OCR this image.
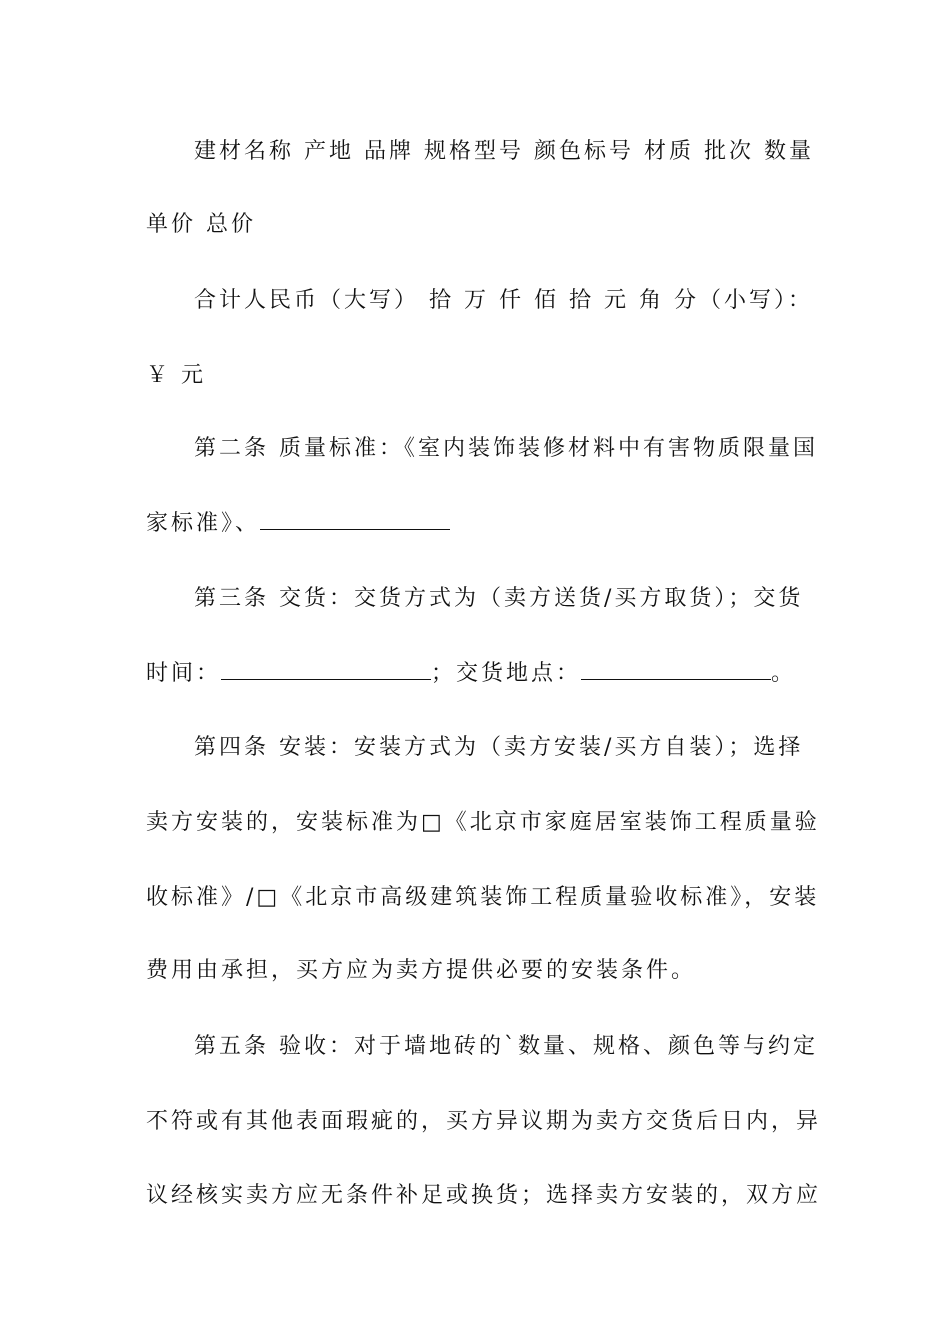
建材名称 产地 品牌 规格型号 颜色标号 材质 批次 数量
单价 总价
合计人民币（大写） 拾 万 仟 佰 拾 元 角 分（小写）：
￥ 元
第二条 质量标准：《室内装饰装修材料中有害物质限量国
家标准》、
第三条 交货：交货方式为（卖方送货/买方取货）；交货
时间：	；交货地点：	。
第四条 安装：安装方式为（卖方安装/买方自装）；选择
卖方安装的，安装标准为□《北京市家庭居室装饰工程质量验
收标准》/□《北京市高级建筑装饰工程质量验收标准》，安装
费用由承担，买方应为卖方提供必要的安装条件。
第五条 验收：对于墙地砖的`数量、规格、颜色等与约定
不符或有其他表面瑕疵的，买方异议期为卖方交货后日内，异
议经核实卖方应无条件补足或换货；选择卖方安装的，双方应
